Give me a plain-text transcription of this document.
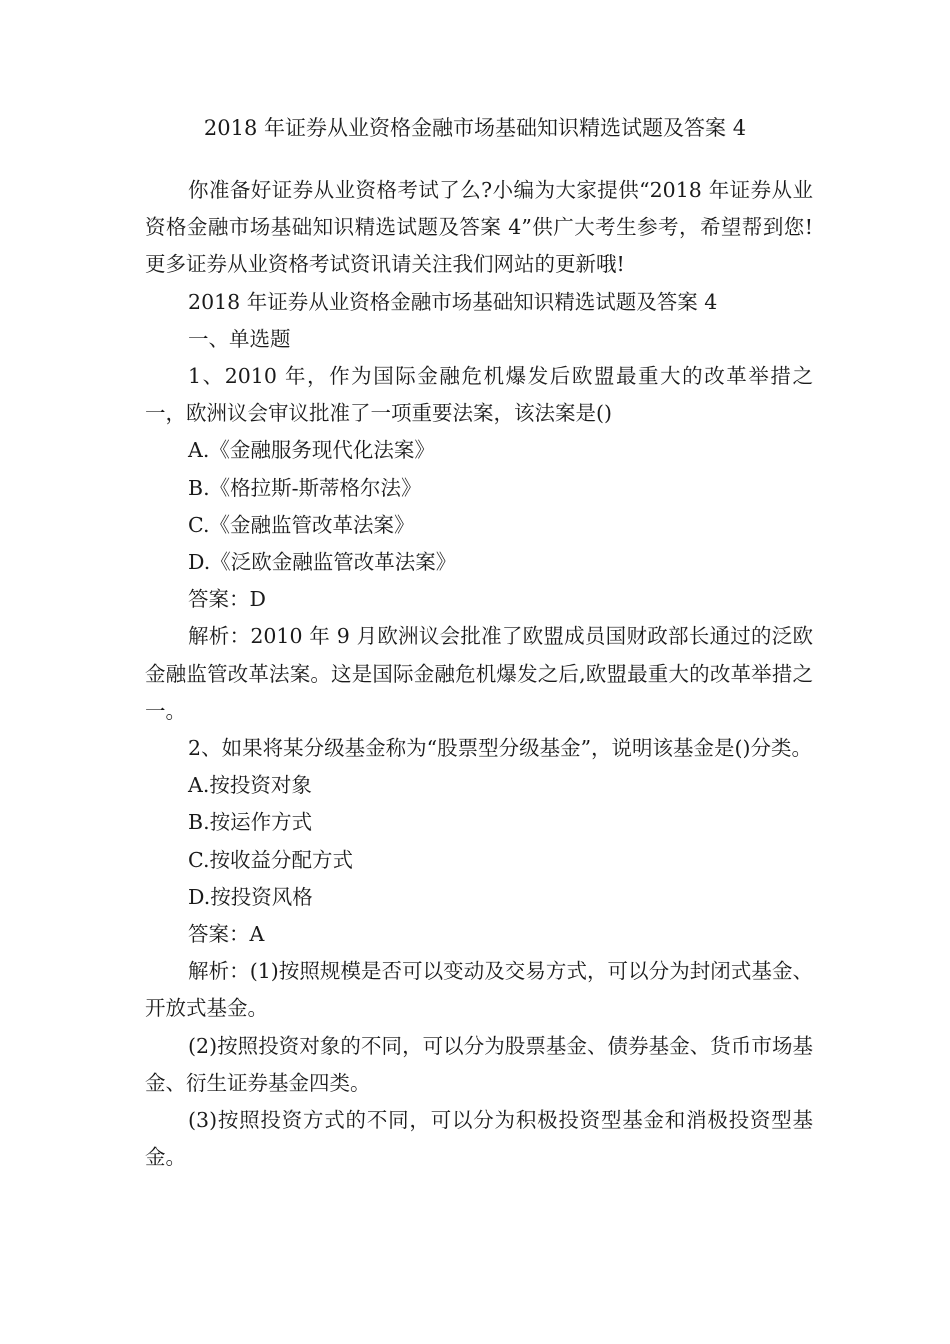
2018 年证券从业资格金融市场基础知识精选试题及答案 4

你准备好证券从业资格考试了么?小编为大家提供“2018 年证券从业资格金融市场基础知识精选试题及答案 4”供广大考生参考，希望帮到您!更多证券从业资格考试资讯请关注我们网站的更新哦!

2018 年证券从业资格金融市场基础知识精选试题及答案 4

一、单选题

1、2010 年，作为国际金融危机爆发后欧盟最重大的改革举措之一，欧洲议会审议批准了一项重要法案，该法案是()

A.《金融服务现代化法案》

B.《格拉斯-斯蒂格尔法》

C.《金融监管改革法案》

D.《泛欧金融监管改革法案》

答案：D

解析：2010 年 9 月欧洲议会批准了欧盟成员国财政部长通过的泛欧金融监管改革法案。这是国际金融危机爆发之后,欧盟最重大的改革举措之一。

2、如果将某分级基金称为“股票型分级基金”，说明该基金是()分类。

A.按投资对象

B.按运作方式

C.按收益分配方式

D.按投资风格

答案：A

解析：(1)按照规模是否可以变动及交易方式，可以分为封闭式基金、开放式基金。

(2)按照投资对象的不同，可以分为股票基金、债券基金、货币市场基金、衍生证券基金四类。

(3)按照投资方式的不同，可以分为积极投资型基金和消极投资型基金。
